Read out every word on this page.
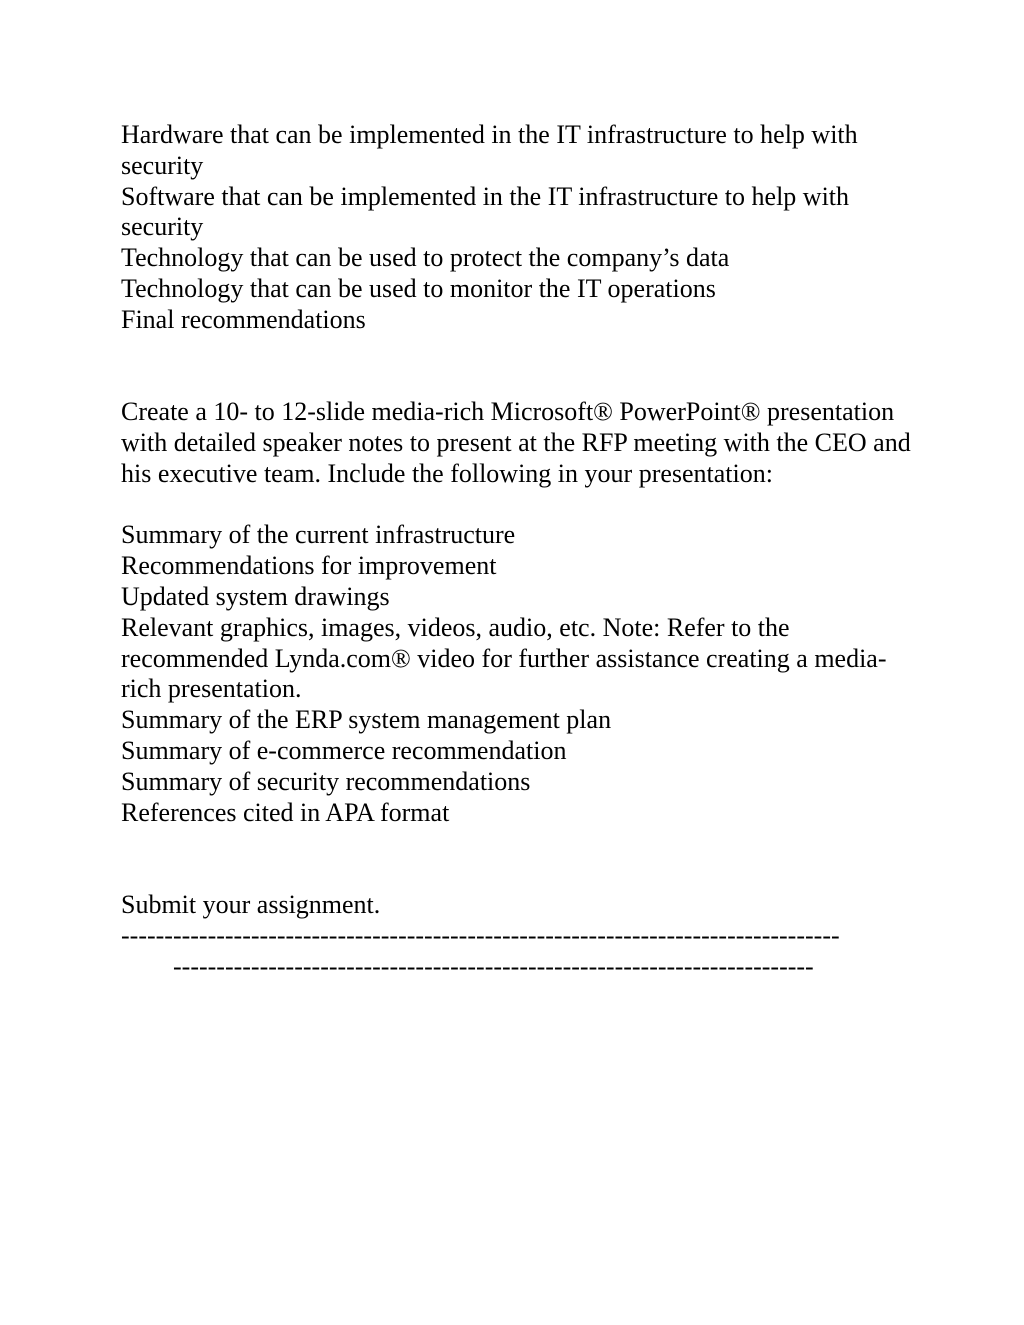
Hardware that can be implemented in the IT infrastructure to help with security

Software that can be implemented in the IT infrastructure to help with security

Technology that can be used to protect the company’s data

Technology that can be used to monitor the IT operations

Final recommendations

Create a 10- to 12-slide media-rich Microsoft® PowerPoint® presentation with detailed speaker notes to present at the RFP meeting with the CEO and his executive team. Include the following in your presentation:

Summary of the current infrastructure

Recommendations for improvement

Updated system drawings

Relevant graphics, images, videos, audio, etc. Note: Refer to the recommended Lynda.com® video for further assistance creating a media-rich presentation.

Summary of the ERP system management plan

Summary of e-commerce recommendation

Summary of security recommendations

References cited in APA format

Submit your assignment.

-----------------------------------------------------------------------------------

--------------------------------------------------------------------------
